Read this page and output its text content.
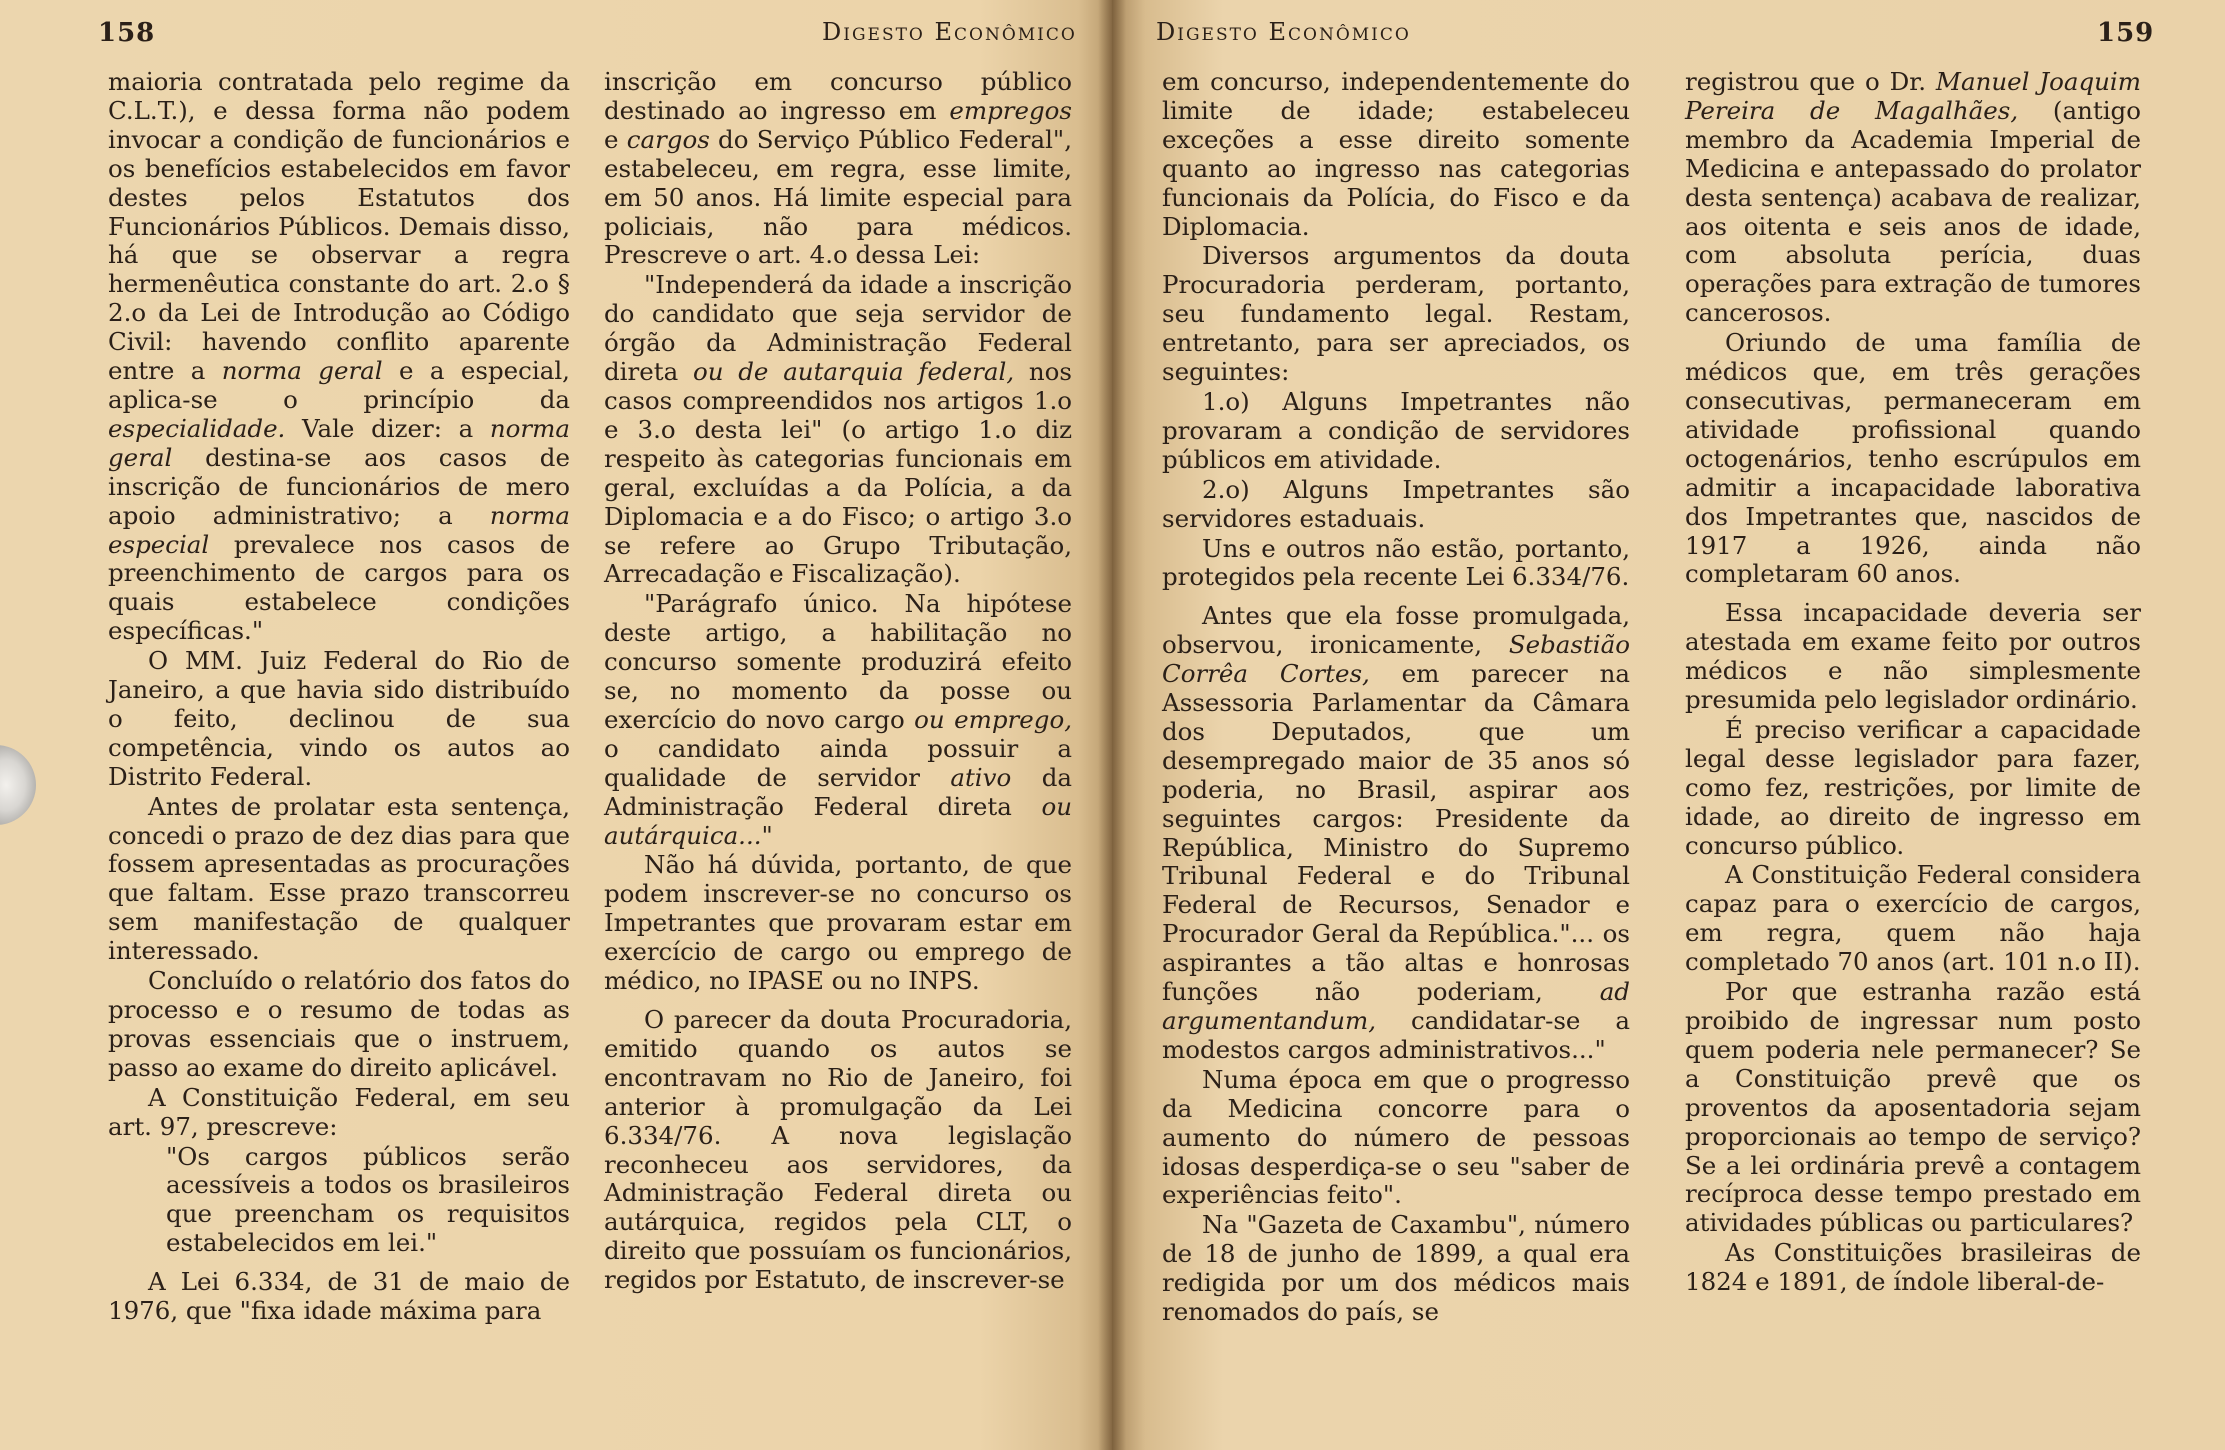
158	Digesto Econômico

maioria contratada pelo regime da C.L.T.), e dessa forma não podem invocar a condição de funcionários e os benefícios estabelecidos em favor destes pelos Estatutos dos Funcionários Públicos. Demais disso, há que se observar a regra hermenêutica constante do art. 2.o § 2.o da Lei de Introdução ao Código Civil: havendo conflito aparente entre a norma geral e a especial, aplica-se o princípio da especialidade. Vale dizer: a norma geral destina-se aos casos de inscrição de funcionários de mero apoio administrativo; a norma especial prevalece nos casos de preenchimento de cargos para os quais estabelece condições específicas."

O MM. Juiz Federal do Rio de Janeiro, a que havia sido distribuído o feito, declinou de sua competência, vindo os autos ao Distrito Federal.

Antes de prolatar esta sentença, concedi o prazo de dez dias para que fossem apresentadas as procurações que faltam. Esse prazo transcorreu sem manifestação de qualquer interessado.

Concluído o relatório dos fatos do processo e o resumo de todas as provas essenciais que o instruem, passo ao exame do direito aplicável.

A Constituição Federal, em seu art. 97, prescreve:

"Os cargos públicos serão acessíveis a todos os brasileiros que preencham os requisitos estabelecidos em lei."

A Lei 6.334, de 31 de maio de 1976, que "fixa idade máxima para

inscrição em concurso público destinado ao ingresso em empregos e cargos do Serviço Público Federal", estabeleceu, em regra, esse limite, em 50 anos. Há limite especial para policiais, não para médicos. Prescreve o art. 4.o dessa Lei:

"Independerá da idade a inscrição do candidato que seja servidor de órgão da Administração Federal direta ou de autarquia federal, nos casos compreendidos nos artigos 1.o e 3.o desta lei" (o artigo 1.o diz respeito às categorias funcionais em geral, excluídas a da Polícia, a da Diplomacia e a do Fisco; o artigo 3.o se refere ao Grupo Tributação, Arrecadação e Fiscalização).

"Parágrafo único. Na hipótese deste artigo, a habilitação no concurso somente produzirá efeito se, no momento da posse ou exercício do novo cargo ou emprego, o candidato ainda possuir a qualidade de servidor ativo da Administração Federal direta ou autárquica..."

Não há dúvida, portanto, de que podem inscrever-se no concurso os Impetrantes que provaram estar em exercício de cargo ou emprego de médico, no IPASE ou no INPS.

O parecer da douta Procuradoria, emitido quando os autos se encontravam no Rio de Janeiro, foi anterior à promulgação da Lei 6.334/76. A nova legislação reconheceu aos servidores, da Administração Federal direta ou autárquica, regidos pela CLT, o direito que possuíam os funcionários, regidos por Estatuto, de inscrever-se

Digesto Econômico	159

em concurso, independentemente do limite de idade; estabeleceu exceções a esse direito somente quanto ao ingresso nas categorias funcionais da Polícia, do Fisco e da Diplomacia.

Diversos argumentos da douta Procuradoria perderam, portanto, seu fundamento legal. Restam, entretanto, para ser apreciados, os seguintes:

1.o) Alguns Impetrantes não provaram a condição de servidores públicos em atividade.

2.o) Alguns Impetrantes são servidores estaduais.

Uns e outros não estão, portanto, protegidos pela recente Lei 6.334/76.

Antes que ela fosse promulgada, observou, ironicamente, Sebastião Corrêa Cortes, em parecer na Assessoria Parlamentar da Câmara dos Deputados, que um desempregado maior de 35 anos só poderia, no Brasil, aspirar aos seguintes cargos: Presidente da República, Ministro do Supremo Tribunal Federal e do Tribunal Federal de Recursos, Senador e Procurador Geral da República."... os aspirantes a tão altas e honrosas funções não poderiam, ad argumentandum, candidatar-se a modestos cargos administrativos..."

Numa época em que o progresso da Medicina concorre para o aumento do número de pessoas idosas desperdiça-se o seu "saber de experiências feito".

Na "Gazeta de Caxambu", número de 18 de junho de 1899, a qual era redigida por um dos médicos mais renomados do país, se

registrou que o Dr. Manuel Joaquim Pereira de Magalhães, (antigo membro da Academia Imperial de Medicina e antepassado do prolator desta sentença) acabava de realizar, aos oitenta e seis anos de idade, com absoluta perícia, duas operações para extração de tumores cancerosos.

Oriundo de uma família de médicos que, em três gerações consecutivas, permaneceram em atividade profissional quando octogenários, tenho escrúpulos em admitir a incapacidade laborativa dos Impetrantes que, nascidos de 1917 a 1926, ainda não completaram 60 anos.

Essa incapacidade deveria ser atestada em exame feito por outros médicos e não simplesmente presumida pelo legislador ordinário.

É preciso verificar a capacidade legal desse legislador para fazer, como fez, restrições, por limite de idade, ao direito de ingresso em concurso público.

A Constituição Federal considera capaz para o exercício de cargos, em regra, quem não haja completado 70 anos (art. 101 n.o II).

Por que estranha razão está proibido de ingressar num posto quem poderia nele permanecer? Se a Constituição prevê que os proventos da aposentadoria sejam proporcionais ao tempo de serviço? Se a lei ordinária prevê a contagem recíproca desse tempo prestado em atividades públicas ou particulares?

As Constituições brasileiras de 1824 e 1891, de índole liberal-de-
